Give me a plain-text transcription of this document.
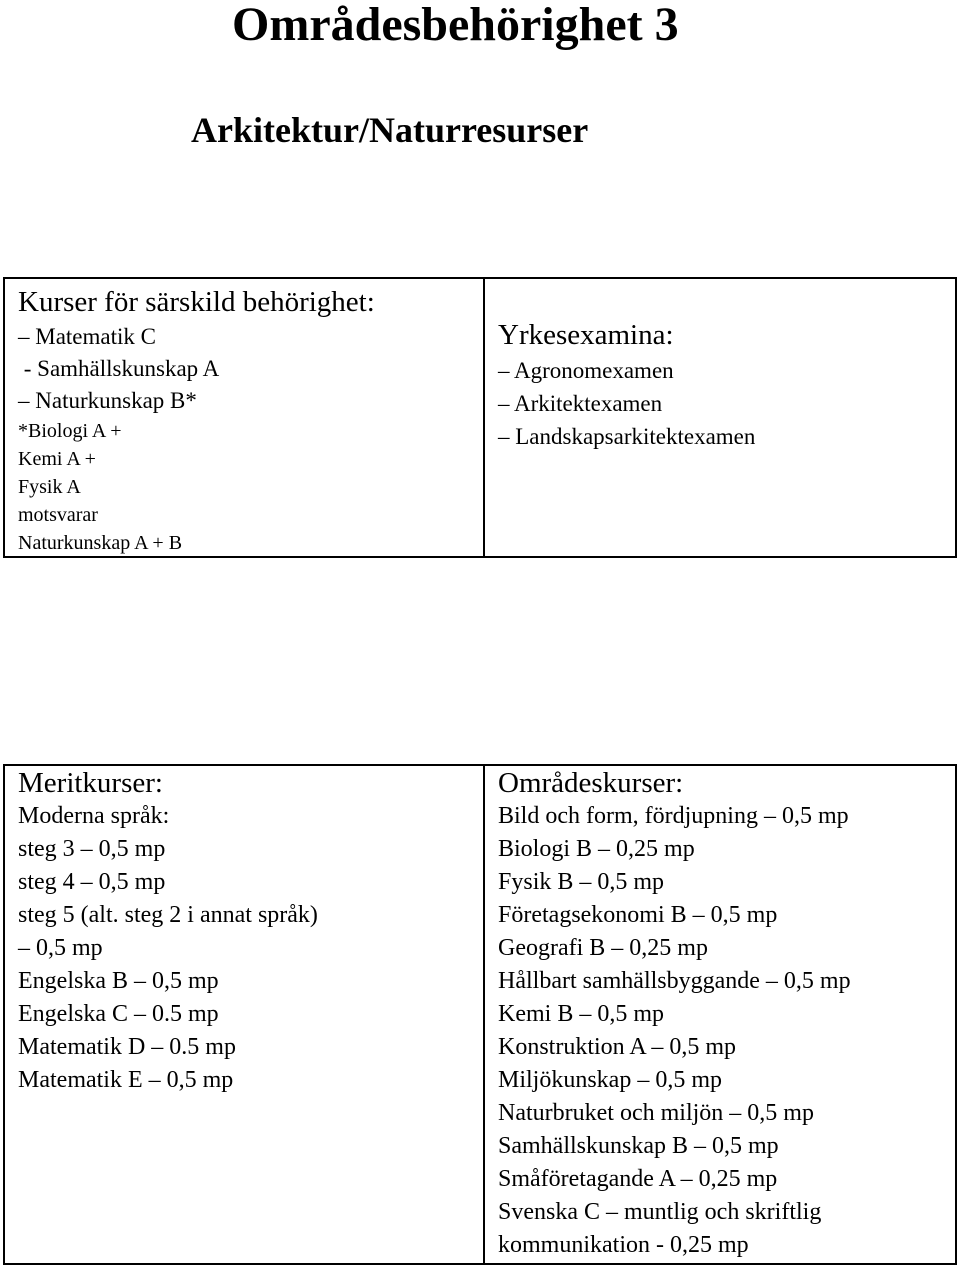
Områdesbehörighet 3
Arkitektur/Naturresurser
Kurser för särskild behörighet:
– Matematik C
- Samhällskunskap A
– Naturkunskap B*
*Biologi A +
Kemi A +
Fysik A
motsvarar
Naturkunskap A + B
Yrkesexamina:
– Agronomexamen
– Arkitektexamen
– Landskapsarkitektexamen
Meritkurser:
Moderna språk:
steg 3 – 0,5 mp
steg 4 – 0,5 mp
steg 5 (alt. steg 2 i annat språk)
– 0,5 mp
Engelska B – 0,5 mp
Engelska C – 0.5 mp
Matematik D – 0.5 mp
Matematik E – 0,5 mp
Områdeskurser:
Bild och form, fördjupning – 0,5 mp
Biologi B – 0,25 mp
Fysik B – 0,5 mp
Företagsekonomi B – 0,5 mp
Geografi B – 0,25 mp
Hållbart samhällsbyggande – 0,5 mp
Kemi B – 0,5 mp
Konstruktion A – 0,5 mp
Miljökunskap – 0,5 mp
Naturbruket och miljön – 0,5 mp
Samhällskunskap B – 0,5 mp
Småföretagande A – 0,25 mp
Svenska C – muntlig och skriftlig
kommunikation - 0,25 mp
